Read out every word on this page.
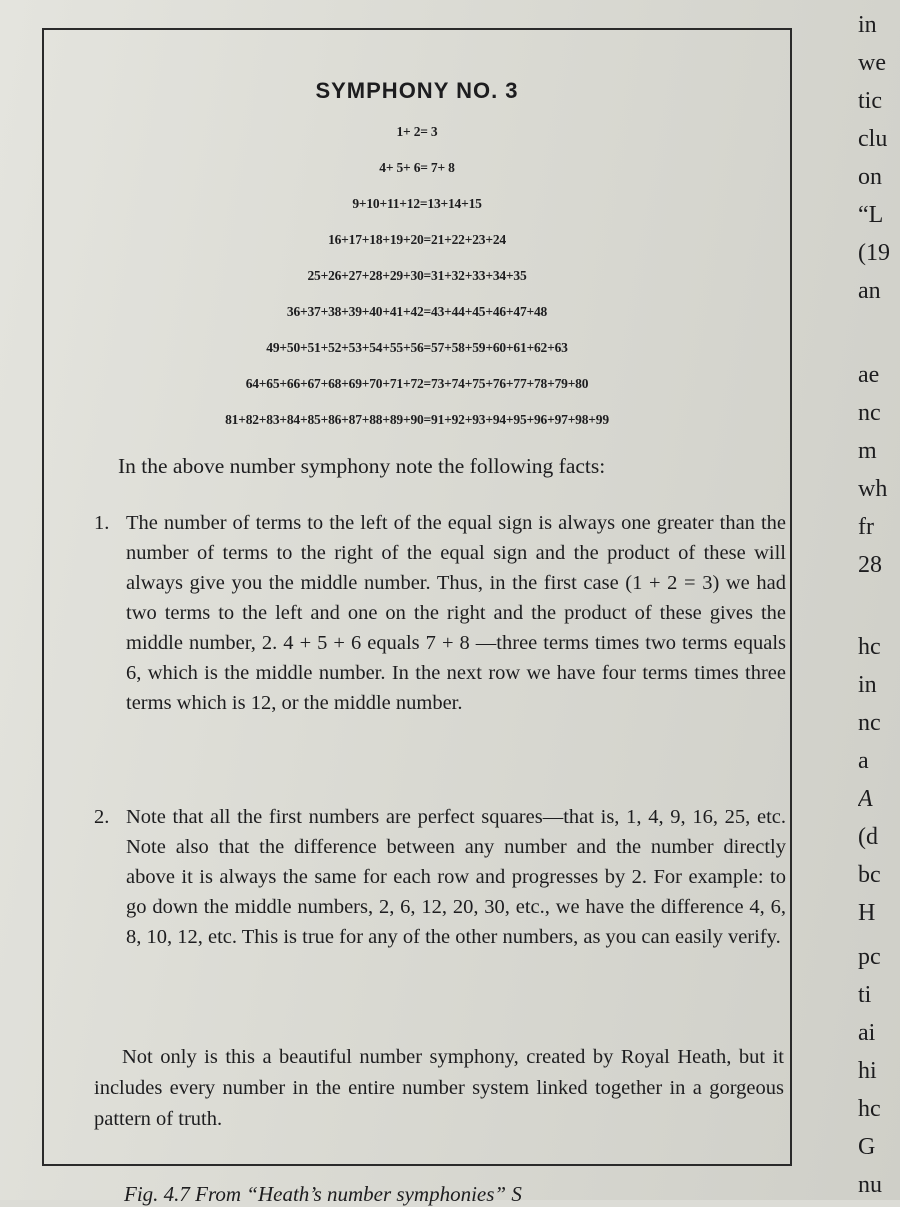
SYMPHONY NO. 3
1+ 2= 3
4+ 5+ 6= 7+ 8
9+10+11+12=13+14+15
16+17+18+19+20=21+22+23+24
25+26+27+28+29+30=31+32+33+34+35
36+37+38+39+40+41+42=43+44+45+46+47+48
49+50+51+52+53+54+55+56=57+58+59+60+61+62+63
64+65+66+67+68+69+70+71+72=73+74+75+76+77+78+79+80
81+82+83+84+85+86+87+88+89+90=91+92+93+94+95+96+97+98+99
In the above number symphony note the following facts:
1. The number of terms to the left of the equal sign is always one greater than the number of terms to the right of the equal sign and the product of these will always give you the middle number. Thus, in the first case (1 + 2 = 3) we had two terms to the left and one on the right and the product of these gives the middle number, 2. 4 + 5 + 6 equals 7 + 8 —three terms times two terms equals 6, which is the middle number. In the next row we have four terms times three terms which is 12, or the middle number.
2. Note that all the first numbers are perfect squares—that is, 1, 4, 9, 16, 25, etc. Note also that the difference between any number and the number directly above it is always the same for each row and progresses by 2. For example: to go down the middle numbers, 2, 6, 12, 20, 30, etc., we have the difference 4, 6, 8, 10, 12, etc. This is true for any of the other numbers, as you can easily verify.
Not only is this a beautiful number symphony, created by Royal Heath, but it includes every number in the entire number system linked together in a gorgeous pattern of truth.
Fig. 4.7 From “Heath’s number symphonies” S
in
we
tic
clu
on
“L
(19
an
ae
nc
m
wh
fr
28
hc
in
nc
a
A
(d
bc
H
pc
ti
ai
hi
hc
G
nu
